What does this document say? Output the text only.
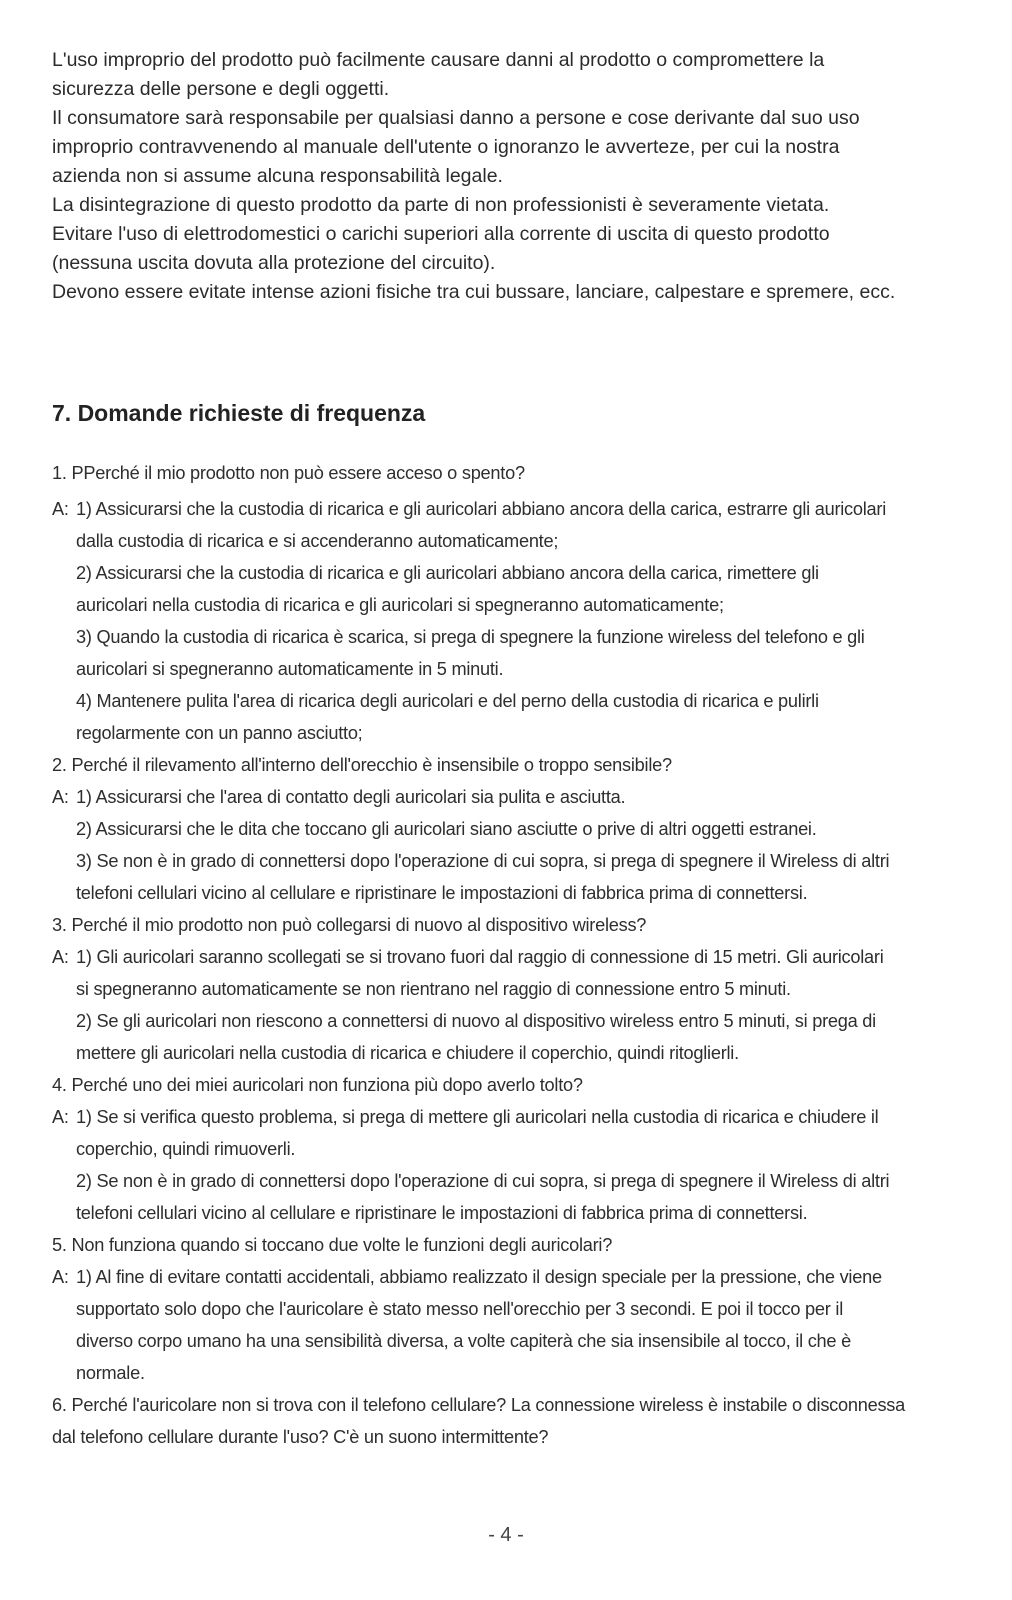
L'uso improprio del prodotto può facilmente causare danni al prodotto o compromettere la

sicurezza delle persone e degli oggetti.

Il consumatore sarà responsabile per qualsiasi danno a persone e cose derivante dal suo uso

improprio contravvenendo al manuale dell'utente o ignoranzo le avverteze, per cui la nostra

azienda non si assume alcuna responsabilità legale.

La disintegrazione di questo prodotto da parte di non professionisti è severamente vietata.

Evitare l'uso di elettrodomestici o carichi superiori alla corrente di uscita di questo prodotto

(nessuna uscita dovuta alla protezione del circuito).

Devono essere evitate intense azioni fisiche tra cui bussare, lanciare, calpestare e spremere, ecc.

7. Domande richieste di frequenza
1. PPerché il mio prodotto non può essere acceso o spento?
A: 1) Assicurarsi che la custodia di ricarica e gli auricolari abbiano ancora della carica, estrarre gli auricolari
dalla custodia di ricarica e si accenderanno automaticamente;
2) Assicurarsi che la custodia di ricarica e gli auricolari abbiano ancora della carica, rimettere gli
auricolari nella custodia di ricarica e gli auricolari si spegneranno automaticamente;
3) Quando la custodia di ricarica è scarica, si prega di spegnere la funzione wireless del telefono e gli
auricolari si spegneranno automaticamente in 5 minuti.
4) Mantenere pulita l'area di ricarica degli auricolari e del perno della custodia di ricarica e pulirli
regolarmente con un panno asciutto;
2. Perché il rilevamento all'interno dell'orecchio è insensibile o troppo sensibile?
A: 1) Assicurarsi che l'area di contatto degli auricolari sia pulita e asciutta.
2) Assicurarsi che le dita che toccano gli auricolari siano asciutte o prive di altri oggetti estranei.
3) Se non è in grado di connettersi dopo l'operazione di cui sopra, si prega di spegnere il Wireless di altri
telefoni cellulari vicino al cellulare e ripristinare le impostazioni di fabbrica prima di connettersi.
3. Perché il mio prodotto non può collegarsi di nuovo al dispositivo wireless?
A: 1) Gli auricolari saranno scollegati se si trovano fuori dal raggio di connessione di 15 metri. Gli auricolari
si spegneranno automaticamente se non rientrano nel raggio di connessione entro 5 minuti.
2) Se gli auricolari non riescono a connettersi di nuovo al dispositivo wireless entro 5 minuti, si prega di
mettere gli auricolari nella custodia di ricarica e chiudere il coperchio, quindi ritoglierli.
4. Perché uno dei miei auricolari non funziona più dopo averlo tolto?
A: 1) Se si verifica questo problema, si prega di mettere gli auricolari nella custodia di ricarica e chiudere il
coperchio, quindi rimuoverli.
2) Se non è in grado di connettersi dopo l'operazione di cui sopra, si prega di spegnere il Wireless di altri
telefoni cellulari vicino al cellulare e ripristinare le impostazioni di fabbrica prima di connettersi.
5. Non funziona quando si toccano due volte le funzioni degli auricolari?
A: 1) Al fine di evitare contatti accidentali, abbiamo realizzato il design speciale per la pressione, che viene
supportato solo dopo che l'auricolare è stato messo nell'orecchio per 3 secondi. E poi il tocco per il
diverso corpo umano ha una sensibilità diversa, a volte capiterà che sia insensibile al tocco, il che è
normale.
6. Perché l'auricolare non si trova con il telefono cellulare? La connessione wireless è instabile o disconnessa
dal telefono cellulare durante l'uso? C'è un suono intermittente?
- 4 -
